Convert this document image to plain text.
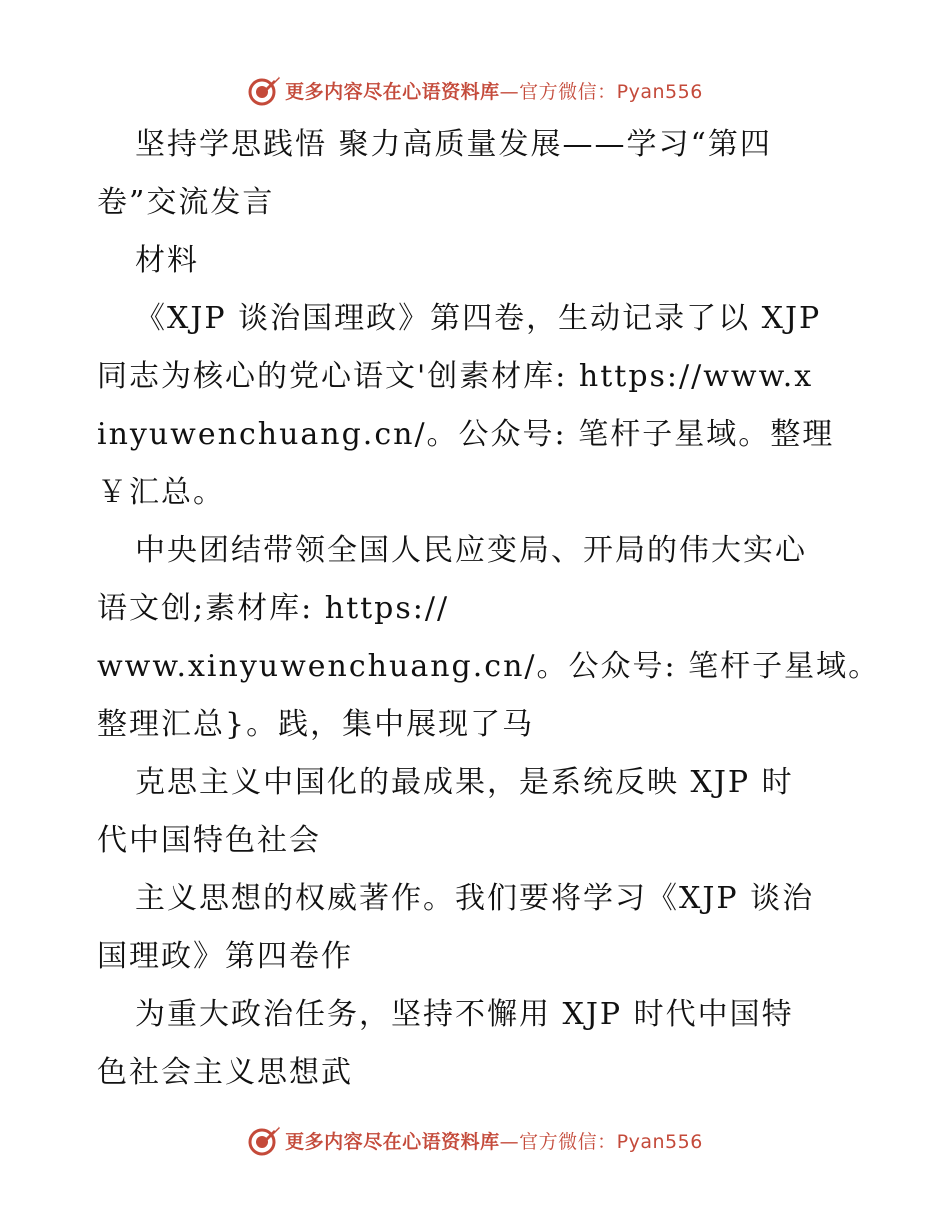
更多内容尽在心语资料库—官方微信：Pyan556
坚持学思践悟 聚力高质量发展——学习“第四
卷”交流发言
材料
《XJP 谈治国理政》第四卷，生动记录了以 XJP
同志为核心的党心语文'创素材库: https://www.x
inyuwenchuang.cn/。公众号: 笔杆子星域。整理
￥汇总。
中央团结带领全国人民应变局、开局的伟大实心
语文创;素材库: https://
www.xinyuwenchuang.cn/。公众号: 笔杆子星域。
整理汇总}。践，集中展现了马
克思主义中国化的最成果，是系统反映 XJP 时
代中国特色社会
主义思想的权威著作。我们要将学习《XJP 谈治
国理政》第四卷作
为重大政治任务，坚持不懈用 XJP 时代中国特
色社会主义思想武
更多内容尽在心语资料库—官方微信：Pyan556
